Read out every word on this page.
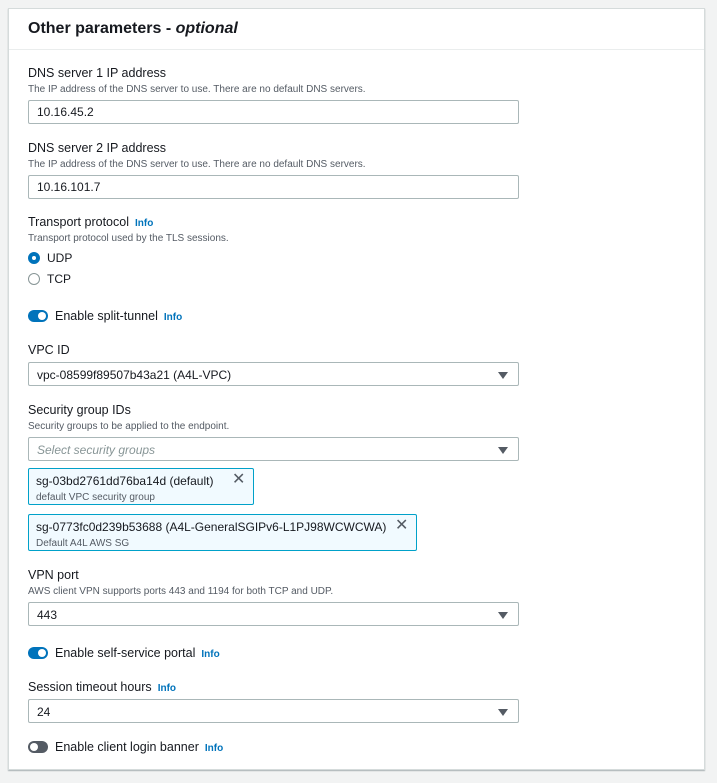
Other parameters - optional
DNS server 1 IP address
The IP address of the DNS server to use. There are no default DNS servers.
10.16.45.2
DNS server 2 IP address
The IP address of the DNS server to use. There are no default DNS servers.
10.16.101.7
Transport protocol Info
Transport protocol used by the TLS sessions.
UDP
TCP
Enable split-tunnel Info
VPC ID
vpc-08599f89507b43a21 (A4L-VPC)
Security group IDs
Security groups to be applied to the endpoint.
Select security groups
sg-03bd2761dd76ba14d (default)
default VPC security group
✕
sg-0773fc0d239b53688 (A4L-GeneralSGIPv6-L1PJ98WCWCWA)
Default A4L AWS SG
✕
VPN port
AWS client VPN supports ports 443 and 1194 for both TCP and UDP.
443
Enable self-service portal Info
Session timeout hours Info
24
Enable client login banner Info
